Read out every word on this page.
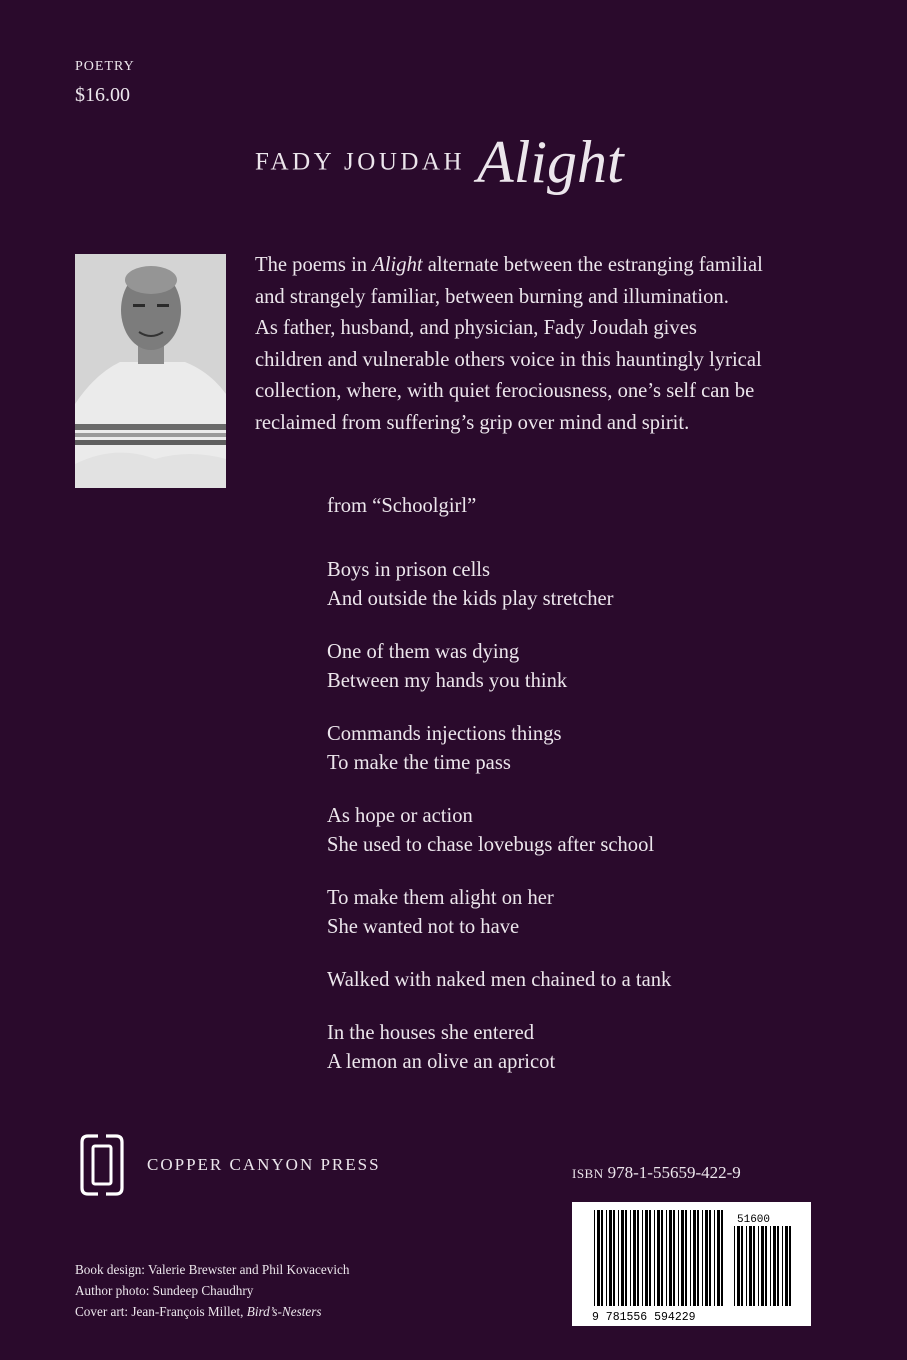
POETRY
$16.00
FADY JOUDAH Alight
The poems in Alight alternate between the estranging familial
and strangely familiar, between burning and illumination.
As father, husband, and physician, Fady Joudah gives
children and vulnerable others voice in this hauntingly lyrical
collection, where, with quiet ferociousness, one’s self can be
reclaimed from suffering’s grip over mind and spirit.
from “Schoolgirl”
Boys in prison cells
And outside the kids play stretcher
One of them was dying
Between my hands you think
Commands injections things
To make the time pass
As hope or action
She used to chase lovebugs after school
To make them alight on her
She wanted not to have
Walked with naked men chained to a tank
In the houses she entered
A lemon an olive an apricot
COPPER CANYON PRESS	ISBN 978-1-55659-422-9
51600
9 781556 594229
Book design: Valerie Brewster and Phil Kovacevich
Author photo: Sundeep Chaudhry
Cover art: Jean-François Millet, Bird’s-Nesters
